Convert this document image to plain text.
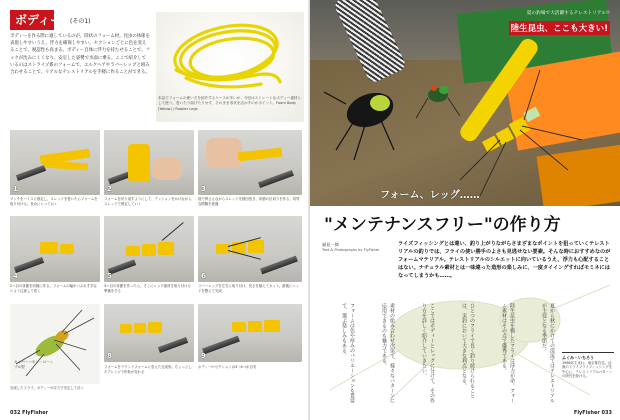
ボディー編
(その1)
ボディーを作る際に適しているのが、陸状のフォーム材。昆虫の体節を表現しやすいうえ、浮力を確保しやすい。セクションごとに色を変えることで、視認性も高まる。ボディー自体に浮力を持たせることで、フックが沈みにくくなり、安定した姿勢で水面に乗る。ここで紹介しているのはストライプ系のフォームで、エルクヘアやラバーレッグと組み合わせることで、リアルなテレストリアルを手軽に作ることができる。
本誌でフォームの使い方を紹介するケースが多いが、今回はストレートなボディー素材として使う。巻いたり曲げたりせず、そのまま形状を活かすのがポイント。Foam Body (Yellow) / Rubber Legs
1	2	3
フックをバイスに固定し、スレッドを巻いたらフォームを取り付ける。長めにとっておく
フォームを折り返すようにして、テンションをかけながらスレッドで固定していく
指で押さえながらスレッドを数回巻き、体節の区切りを作る。均等な間隔を意識
4	5	6
2つ目の体節を同様に作る。フォームの幅がつぶれすぎないよう注意して巻く
3つ目の体節を作ったら、そこにレッグ素材を取り付ける準備をする
ラバーレッグを左右に取り付け、長さを揃えてカット。最後にヘッドを整えて完成
キャバーハモン・ローンブル型
8	9
フォームをラウンドフォームに変えた完成形。ちょっとしたアレンジで印象が変わる
ボディーのセクションは3〜4つが目安
完成したフライ。ボディーの浮力で安定して浮く
032 FlyFisher
夏の釣場で大活躍するテレストリアル!!
陸生昆虫、ここも大きい!
フォーム、レッグ……
"メンテナンスフリー"の作り方
福見一郎
Text & Photographs by FlyFisher
ライズフィッシングとは違い、釣り上がりながらさまざまなポイントを狙っていくテレストリアルの釣りでは、フライの使い勝手のよさも見逃せない要素。そんな時におすすめなのがフォームマテリアル。テレストリアルのシルエットに向いているうえ、浮力も心配することはない。ナチュラル素材とは一味違った造形の楽しみに、一度タイイングすればモミネにはなってしまうかも……。
夏から秋にかけての渓流ではテレストリアルが主役となる季節だ。
陸生昆虫を模したフライは浮力が命。フォーム素材はその点で優秀である。
ひとつのフライで長く釣り続けられることは、実釣において大きな利点となる。
ここではボディーとレッグに分けて、その作り方を詳しく紹介していきたい。
素材の組み合わせ次第で、様々なパターンに応用できるのも魅力である。
フォームは色や厚みのバリエーションも豊富で、選ぶ楽しみもある。	ふくみ・いちろう
1966年生まれ。東京都在住。渓流のドライフライフィッシングを中心に、テレストリアルパターンの研究を続ける。
FlyFisher 033
